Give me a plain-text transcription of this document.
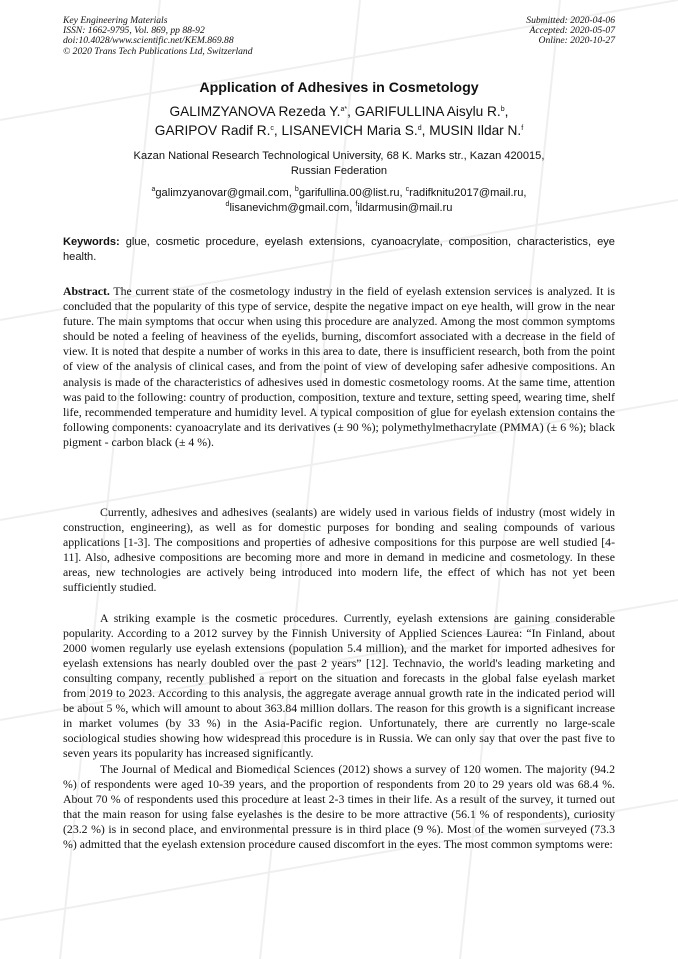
Key Engineering Materials
ISSN: 1662-9795, Vol. 869, pp 88-92
doi:10.4028/www.scientific.net/KEM.869.88
© 2020 Trans Tech Publications Ltd, Switzerland
Submitted: 2020-04-06
Accepted: 2020-05-07
Online: 2020-10-27
Application of Adhesives in Cosmetology
GALIMZYANOVA Rezeda Y.$^{a*}$, GARIFULLINA Aisylu R.$^b$,
GARIPOV Radif R.$^c$, LISANEVICH Maria S.$^d$, MUSIN Ildar N.$^f$
Kazan National Research Technological University, 68 K. Marks str., Kazan 420015,
Russian Federation
$^a$galimzyanovar@gmail.com, $^b$garifullina.00@list.ru, $^c$radifknitu2017@mail.ru,
$^d$lisanevichm@gmail.com, $^f$ildarmusin@mail.ru
Keywords: glue, cosmetic procedure, eyelash extensions, cyanoacrylate, composition, characteristics, eye health.
Abstract. The current state of the cosmetology industry in the field of eyelash extension services is analyzed. It is concluded that the popularity of this type of service, despite the negative impact on eye health, will grow in the near future. The main symptoms that occur when using this procedure are analyzed. Among the most common symptoms should be noted a feeling of heaviness of the eyelids, burning, discomfort associated with a decrease in the field of view. It is noted that despite a number of works in this area to date, there is insufficient research, both from the point of view of the analysis of clinical cases, and from the point of view of developing safer adhesive compositions. An analysis is made of the characteristics of adhesives used in domestic cosmetology rooms. At the same time, attention was paid to the following: country of production, composition, texture and texture, setting speed, wearing time, shelf life, recommended temperature and humidity level. A typical composition of glue for eyelash extension contains the following components: cyanoacrylate and its derivatives (± 90 %); polymethylmethacrylate (PMMA) (± 6 %); black pigment - carbon black (± 4 %).

Currently, adhesives and adhesives (sealants) are widely used in various fields of industry (most widely in construction, engineering), as well as for domestic purposes for bonding and sealing compounds of various applications [1-3]. The compositions and properties of adhesive compositions for this purpose are well studied [4-11]. Also, adhesive compositions are becoming more and more in demand in medicine and cosmetology. In these areas, new technologies are actively being introduced into modern life, the effect of which has not yet been sufficiently studied.

A striking example is the cosmetic procedures. Currently, eyelash extensions are gaining considerable popularity. According to a 2012 survey by the Finnish University of Applied Sciences Laurea: “In Finland, about 2000 women regularly use eyelash extensions (population 5.4 million), and the market for imported adhesives for eyelash extensions has nearly doubled over the past 2 years” [12]. Technavio, the world's leading marketing and consulting company, recently published a report on the situation and forecasts in the global false eyelash market from 2019 to 2023. According to this analysis, the aggregate average annual growth rate in the indicated period will be about 5 %, which will amount to about 363.84 million dollars. The reason for this growth is a significant increase in market volumes (by 33 %) in the Asia-Pacific region. Unfortunately, there are currently no large-scale sociological studies showing how widespread this procedure is in Russia. We can only say that over the past five to seven years its popularity has increased significantly.

The Journal of Medical and Biomedical Sciences (2012) shows a survey of 120 women. The majority (94.2 %) of respondents were aged 10-39 years, and the proportion of respondents from 20 to 29 years old was 68.4 %. About 70 % of respondents used this procedure at least 2-3 times in their life. As a result of the survey, it turned out that the main reason for using false eyelashes is the desire to be more attractive (56.1 % of respondents), curiosity (23.2 %) is in second place, and environmental pressure is in third place (9 %). Most of the women surveyed (73.3 %) admitted that the eyelash extension procedure caused discomfort in the eyes. The most common symptoms were:
